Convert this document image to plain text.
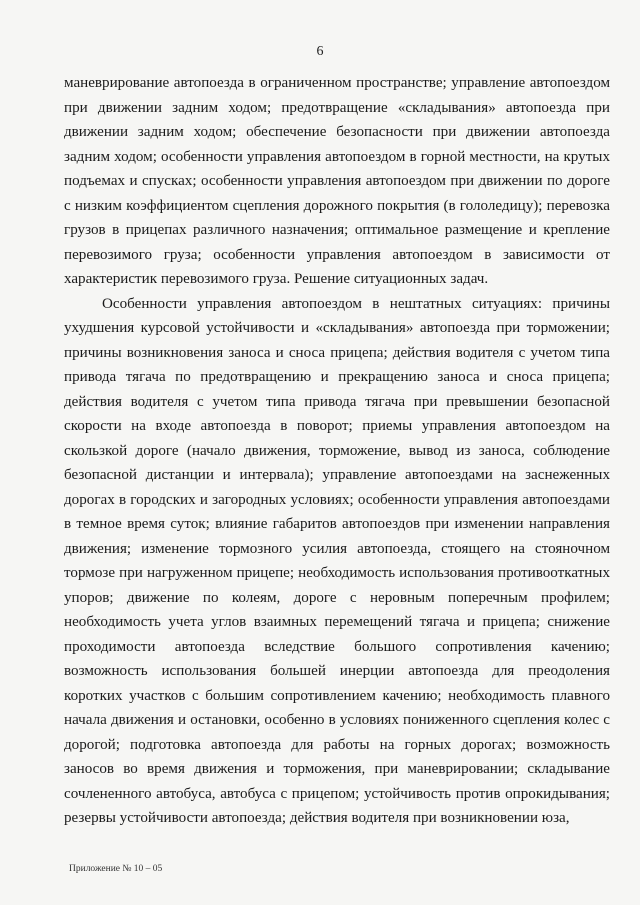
6

маневрирование автопоезда в ограниченном пространстве; управление автопоездом при движении задним ходом; предотвращение «складывания» автопоезда при движении задним ходом; обеспечение безопасности при движении автопоезда задним ходом; особенности управления автопоездом в горной местности, на крутых подъемах и спусках; особенности управления автопоездом при движении по дороге с низким коэффициентом сцепления дорожного покрытия (в гололедицу); перевозка грузов в прицепах различного назначения; оптимальное размещение и крепление перевозимого груза; особенности управления автопоездом в зависимости от характеристик перевозимого груза. Решение ситуационных задач.

Особенности управления автопоездом в нештатных ситуациях: причины ухудшения курсовой устойчивости и «складывания» автопоезда при торможении; причины возникновения заноса и сноса прицепа; действия водителя с учетом типа привода тягача по предотвращению и прекращению заноса и сноса прицепа; действия водителя с учетом типа привода тягача при превышении безопасной скорости на входе автопоезда в поворот; приемы управления автопоездом на скользкой дороге (начало движения, торможение, вывод из заноса, соблюдение безопасной дистанции и интервала); управление автопоездами на заснеженных дорогах в городских и загородных условиях; особенности управления автопоездами в темное время суток; влияние габаритов автопоездов при изменении направления движения; изменение тормозного усилия автопоезда, стоящего на стояночном тормозе при нагруженном прицепе; необходимость использования противооткатных упоров; движение по колеям, дороге с неровным поперечным профилем; необходимость учета углов взаимных перемещений тягача и прицепа; снижение проходимости автопоезда вследствие большого сопротивления качению; возможность использования большей инерции автопоезда для преодоления коротких участков с большим сопротивлением качению; необходимость плавного начала движения и остановки, особенно в условиях пониженного сцепления колес с дорогой; подготовка автопоезда для работы на горных дорогах; возможность заносов во время движения и торможения, при маневрировании; складывание сочлененного автобуса, автобуса с прицепом; устойчивость против опрокидывания; резервы устойчивости автопоезда; действия водителя при возникновении юза,

Приложение № 10 – 05
